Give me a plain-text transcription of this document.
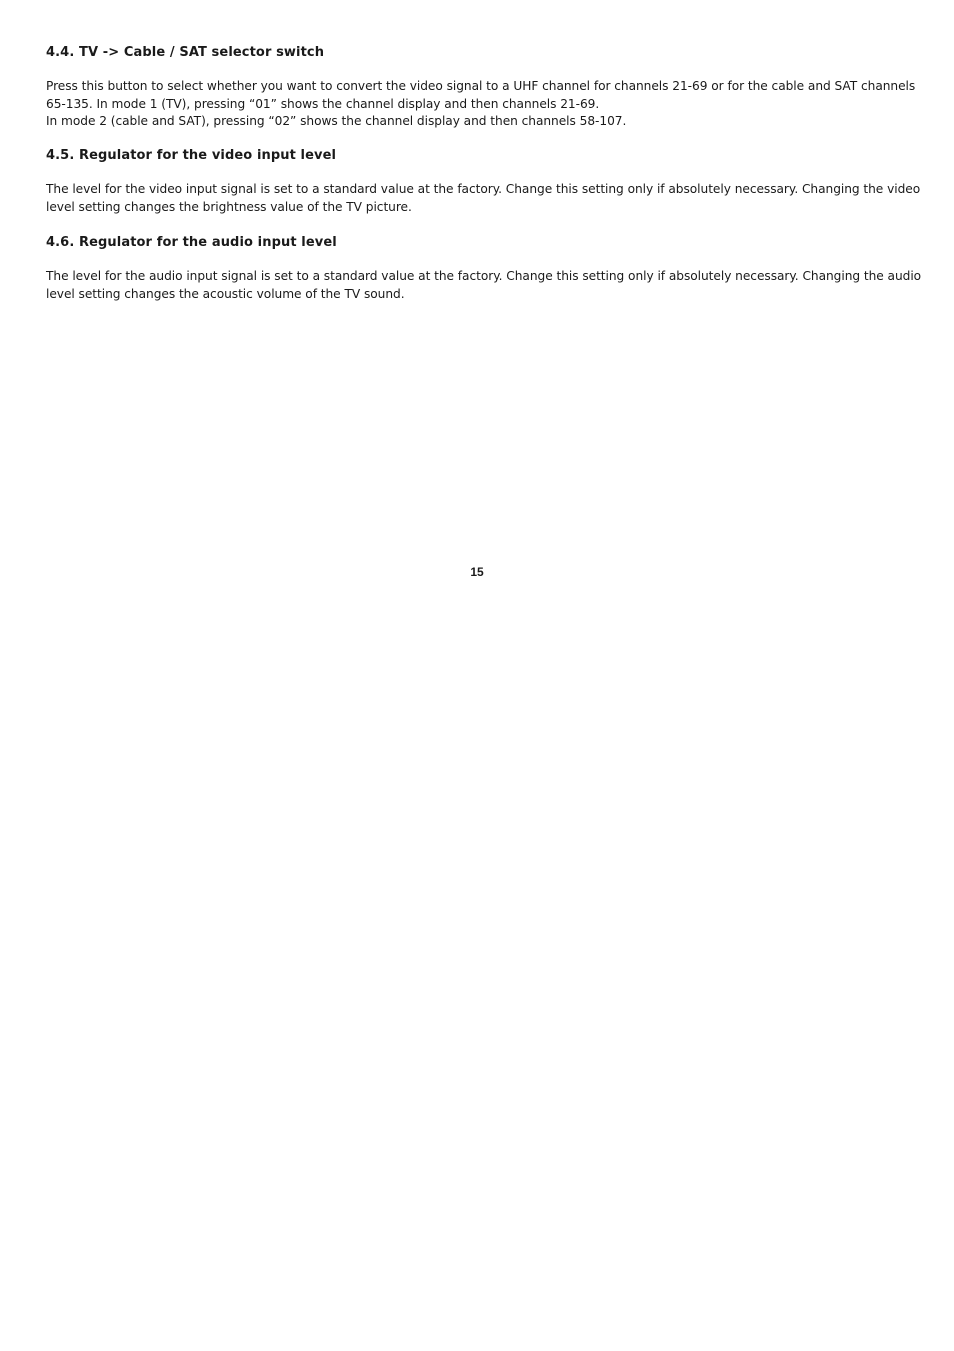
4.4. TV -> Cable / SAT selector switch

Press this button to select whether you want to convert the video signal to a UHF channel for channels 21-69 or for the cable and SAT channels
65-135. In mode 1 (TV), pressing “01” shows the channel display and then channels 21-69.
In mode 2 (cable and SAT), pressing “02” shows the channel display and then channels 58-107.

4.5. Regulator for the video input level

The level for the video input signal is set to a standard value at the factory. Change this setting only if absolutely necessary. Changing the video
level setting changes the brightness value of the TV picture.

4.6. Regulator for the audio input level

The level for the audio input signal is set to a standard value at the factory. Change this setting only if absolutely necessary. Changing the audio
level setting changes the acoustic volume of the TV sound.

15
